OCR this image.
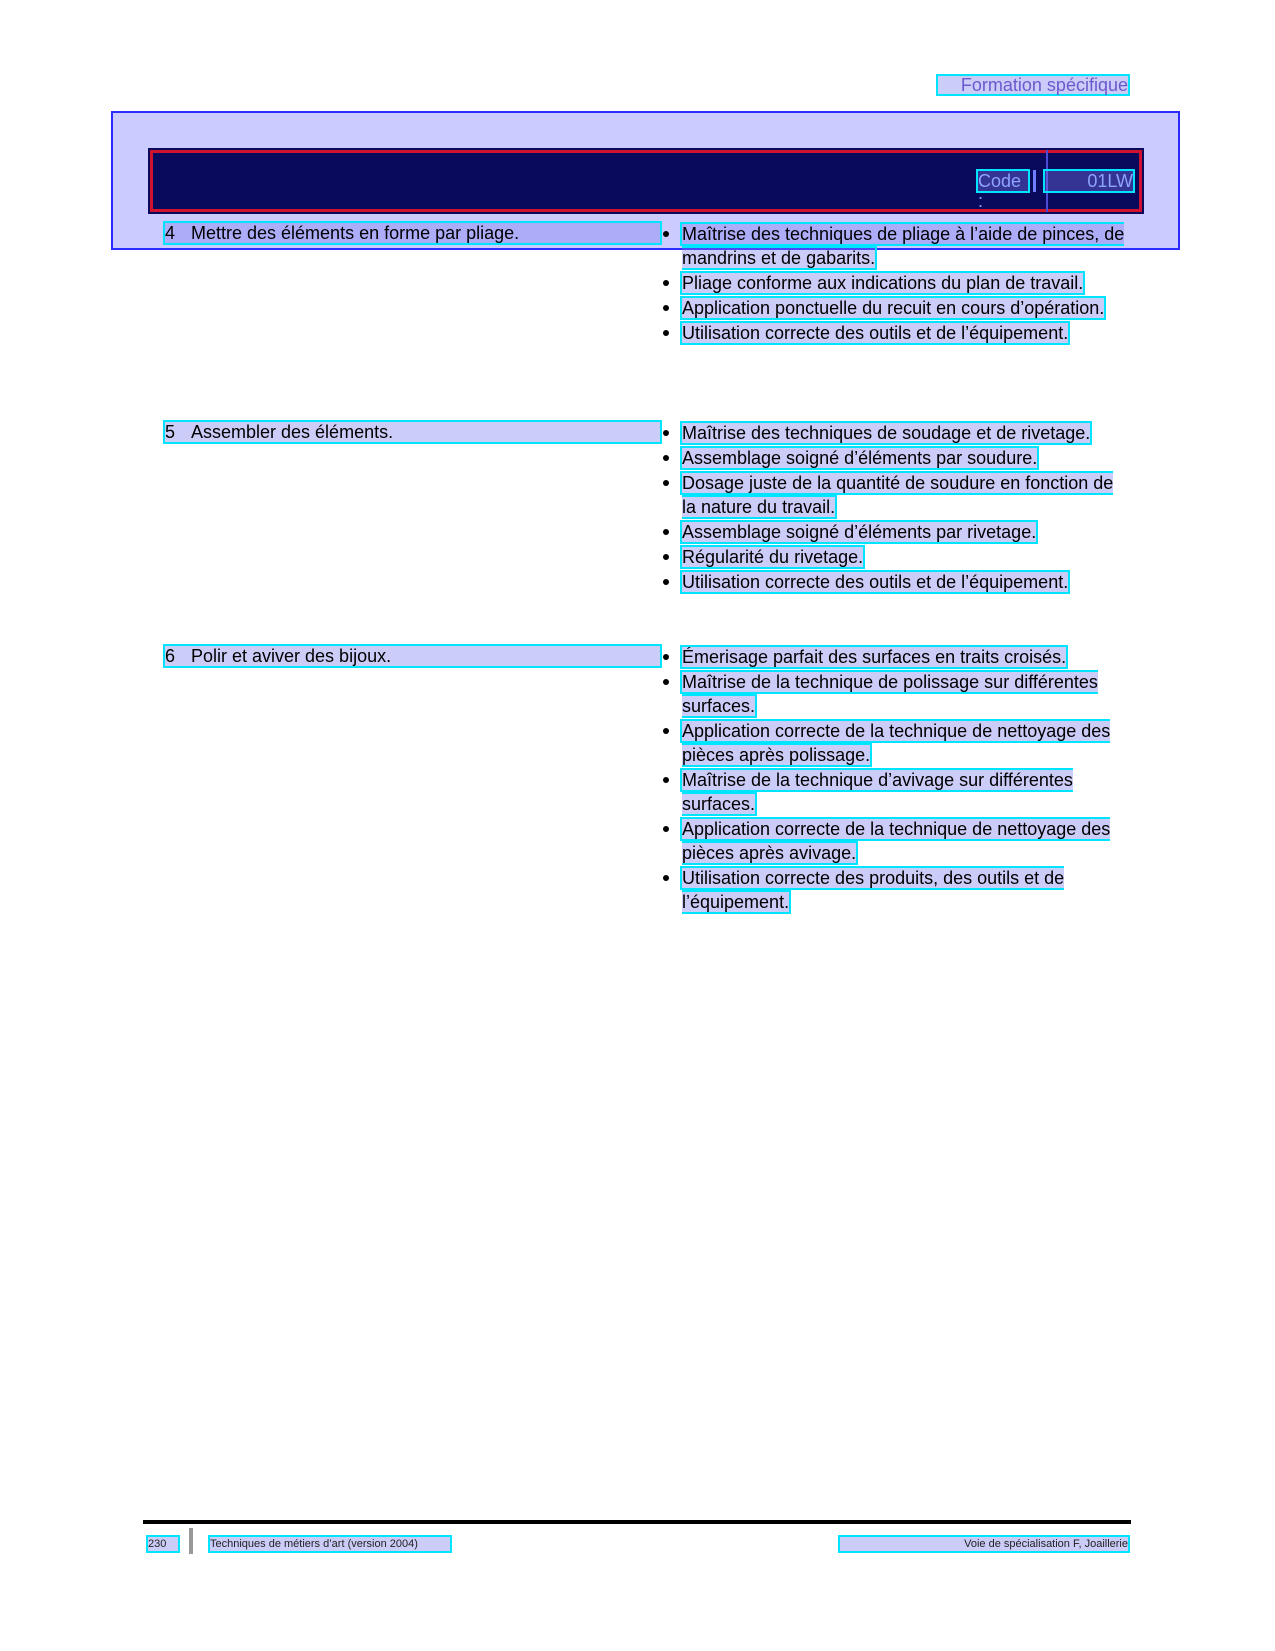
Formation spécifique
Code :
01LW
4 Mettre des éléments en forme par pliage.	Maîtrise des techniques de pliage à l’aide de pinces, de mandrins et de gabarits.
Pliage conforme aux indications du plan de travail.
Application ponctuelle du recuit en cours d’opération.
Utilisation correcte des outils et de l’équipement.
5 Assembler des éléments.	Maîtrise des techniques de soudage et de rivetage.
Assemblage soigné d’éléments par soudure.
Dosage juste de la quantité de soudure en fonction de la nature du travail.
Assemblage soigné d’éléments par rivetage.
Régularité du rivetage.
Utilisation correcte des outils et de l’équipement.
6 Polir et aviver des bijoux.	Émerisage parfait des surfaces en traits croisés.
Maîtrise de la technique de polissage sur différentes surfaces.
Application correcte de la technique de nettoyage des pièces après polissage.
Maîtrise de la technique d’avivage sur différentes surfaces.
Application correcte de la technique de nettoyage des pièces après avivage.
Utilisation correcte des produits, des outils et de l’équipement.
230	Techniques de métiers d’art (version 2004)	Voie de spécialisation F, Joaillerie
